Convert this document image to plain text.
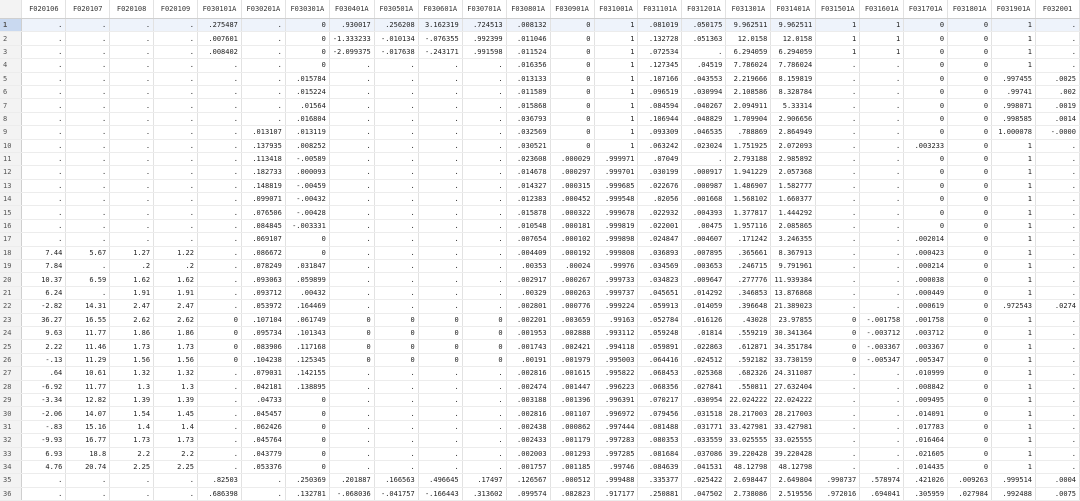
	F020106	F020107	F020108	F020109	F030101A	F030201A	F030301A	F030401A	F030501A	F030601A	F030701A	F030801A	F030901A	F031001A	F031101A	F031201A	F031301A	F031401A	F031501A	F031601A	F031701A	F031801A	F031901A	F032001
1	.	.	.	.	.275487	.	0	.930017	.256208	3.162319	.724513	.008132	0	1	.081019	.050175	9.962511	9.962511	1	1	0	0	1	.
2	.	.	.	.	.007601	.	0	-1.333233	-.010134	-.076355	.992399	.011046	0	1	.132728	.051363	12.0158	12.0158	1	1	0	0	1	.
3	.	.	.	.	.008402	.	0	-2.099375	-.017638	-.243171	.991598	.011524	0	1	.072534	.	6.294059	6.294059	1	1	0	0	1	.
4	.	.	.	.	.	.	0	.	.	.	.	.016356	0	1	.127345	.04519	7.786024	7.786024	.	.	0	0	1	.
5	.	.	.	.	.	.	.015784	.	.	.	.	.013133	0	1	.107166	.043553	2.219666	8.159819	.	.	0	0	.997455	.0025
6	.	.	.	.	.	.	.015224	.	.	.	.	.011589	0	1	.096519	.030994	2.108586	8.328784	.	.	0	0	.99741	.002
7	.	.	.	.	.	.	.01564	.	.	.	.	.015868	0	1	.084594	.040267	2.094911	5.33314	.	.	0	0	.998071	.0019
8	.	.	.	.	.	.	.016804	.	.	.	.	.036793	0	1	.106944	.048829	1.709904	2.906656	.	.	0	0	.998585	.0014
9	.	.	.	.	.	.013107	.013119	.	.	.	.	.032569	0	1	.093309	.046535	.788869	2.864949	.	.	0	0	1.000078	-.0000
10	.	.	.	.	.	.137935	.008252	.	.	.	.	.030521	0	1	.063242	.023024	1.751925	2.072093	.	.	.003233	0	1	.
11	.	.	.	.	.	.113418	-.00589	.	.	.	.	.023608	.000029	.999971	.07049	.	2.793188	2.985892	.	.	0	0	1	.
12	.	.	.	.	.	.182733	.000093	.	.	.	.	.014678	.000297	.999701	.030199	.000917	1.941229	2.057368	.	.	0	0	1	.
13	.	.	.	.	.	.148819	-.00459	.	.	.	.	.014327	.000315	.999685	.022676	.000987	1.486907	1.582777	.	.	0	0	1	.
14	.	.	.	.	.	.099071	-.00432	.	.	.	.	.012383	.000452	.999548	.02056	.001668	1.568102	1.660377	.	.	0	0	1	.
15	.	.	.	.	.	.076506	-.00428	.	.	.	.	.015878	.000322	.999678	.022932	.004393	1.377817	1.444292	.	.	0	0	1	.
16	.	.	.	.	.	.084845	-.003331	.	.	.	.	.010548	.000181	.999819	.022001	.00475	1.957116	2.085865	.	.	0	0	1	.
17	.	.	.	.	.	.069107	0	.	.	.	.	.007654	.000102	.999898	.024847	.004607	.171242	3.246355	.	.	.002014	0	1	.
18	7.44	5.67	1.27	1.22	.	.086672	0	.	.	.	.	.004409	.000192	.999808	.036893	.007895	.365661	8.367913	.	.	.000423	0	1	.
19	7.84	.	.2	.2	.	.078249	.031847	.	.	.	.	.00353	.00024	.99976	.034569	.003653	.246715	9.791961	.	.	.000214	0	1	.
20	10.37	6.59	1.62	1.62	.	.093063	.059899	.	.	.	.	.002917	.000267	.999733	.034823	.009647	.277776	11.939384	.	.	.000038	0	1	.
21	6.24	.	1.91	1.91	.	.093712	.00432	.	.	.	.	.00329	.000263	.999737	.045651	.014292	.346853	13.876868	.	.	.000449	0	1	.
22	-2.82	14.31	2.47	2.47	.	.053972	.164469	.	.	.	.	.002801	.000776	.999224	.059913	.014059	.396648	21.389023	.	.	.000619	0	.972543	.0274
23	36.27	16.55	2.62	2.62	0	.107104	.061749	0	0	0	0	.002201	.003659	.99163	.052784	.016126	.43028	23.97855	0	-.001758	.001758	0	1	.
24	9.63	11.77	1.86	1.86	0	.095734	.101343	0	0	0	0	.001953	.002888	.993112	.059248	.01814	.559219	30.341364	0	-.003712	.003712	0	1	.
25	2.22	11.46	1.73	1.73	0	.083906	.117168	0	0	0	0	.001743	.002421	.994118	.059891	.022863	.612871	34.351784	0	-.003367	.003367	0	1	.
26	-.13	11.29	1.56	1.56	0	.104238	.125345	0	0	0	0	.00191	.001979	.995003	.064416	.024512	.592182	33.730159	0	-.005347	.005347	0	1	.
27	.64	10.61	1.32	1.32	.	.079031	.142155	.	.	.	.	.002816	.001615	.995822	.068453	.025368	.682326	24.311087	.	.	.010999	0	1	.
28	-6.92	11.77	1.3	1.3	.	.042181	.138895	.	.	.	.	.002474	.001447	.996223	.068356	.027841	.550811	27.632404	.	.	.008842	0	1	.
29	-3.34	12.82	1.39	1.39	.	.04733	0	.	.	.	.	.003188	.001396	.996391	.070217	.030954	22.024222	22.024222	.	.	.009495	0	1	.
30	-2.06	14.07	1.54	1.45	.	.045457	0	.	.	.	.	.002816	.001107	.996972	.079456	.031518	28.217003	28.217003	.	.	.014091	0	1	.
31	-.83	15.16	1.4	1.4	.	.062426	0	.	.	.	.	.002438	.000862	.997444	.081488	.031771	33.427981	33.427981	.	.	.017783	0	1	.
32	-9.93	16.77	1.73	1.73	.	.045764	0	.	.	.	.	.002433	.001179	.997283	.080353	.033559	33.025555	33.025555	.	.	.016464	0	1	.
33	6.93	18.8	2.2	2.2	.	.043779	0	.	.	.	.	.002003	.001293	.997285	.081684	.037086	39.220428	39.220428	.	.	.021605	0	1	.
34	4.76	20.74	2.25	2.25	.	.053376	0	.	.	.	.	.001757	.001185	.99746	.084639	.041531	48.12798	48.12798	.	.	.014435	0	1	.
35	.	.	.	.	.82503	.	.250369	.201887	.166563	.496645	.17497	.126567	.000512	.999488	.335377	.025422	2.698447	2.649804	.990737	.578974	.421026	.009263	.999514	.0004
36	.	.	.	.	.686398	.	.132781	-.068036	-.041757	-.166443	.313602	.099574	.082823	.917177	.250881	.047502	2.738086	2.519556	.972016	.694041	.305959	.027984	.992488	.0075
